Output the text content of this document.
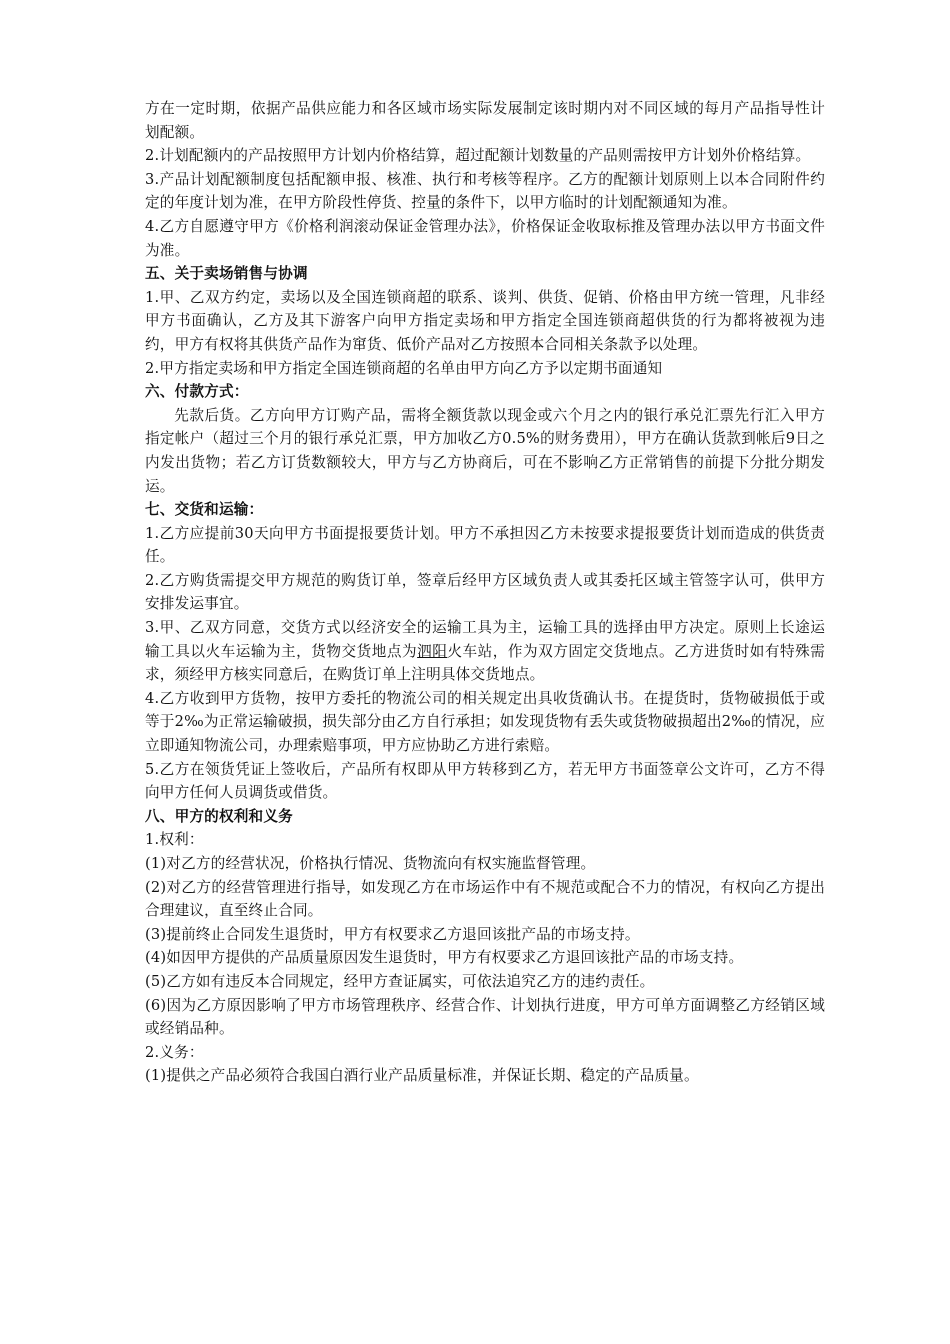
方在一定时期，依据产品供应能力和各区域市场实际发展制定该时期内对不同区域的每月产品指导性计划配额。

2.计划配额内的产品按照甲方计划内价格结算，超过配额计划数量的产品则需按甲方计划外价格结算。

3.产品计划配额制度包括配额申报、核准、执行和考核等程序。乙方的配额计划原则上以本合同附件约定的年度计划为准，在甲方阶段性停货、控量的条件下，以甲方临时的计划配额通知为准。

4.乙方自愿遵守甲方《价格利润滚动保证金管理办法》，价格保证金收取标推及管理办法以甲方书面文件为准。

五、关于卖场销售与协调

1.甲、乙双方约定，卖场以及全国连锁商超的联系、谈判、供货、促销、价格由甲方统一管理，凡非经甲方书面确认，乙方及其下游客户向甲方指定卖场和甲方指定全国连锁商超供货的行为都将被视为违约，甲方有权将其供货产品作为窜货、低价产品对乙方按照本合同相关条款予以处理。

2.甲方指定卖场和甲方指定全国连锁商超的名单由甲方向乙方予以定期书面通知

六、付款方式：

先款后货。乙方向甲方订购产品，需将全额货款以现金或六个月之内的银行承兑汇票先行汇入甲方指定帐户（超过三个月的银行承兑汇票，甲方加收乙方0.5%的财务费用），甲方在确认货款到帐后9日之内发出货物；若乙方订货数额较大，甲方与乙方协商后，可在不影响乙方正常销售的前提下分批分期发运。

七、交货和运输：

1.乙方应提前30天向甲方书面提报要货计划。甲方不承担因乙方未按要求提报要货计划而造成的供货责任。

2.乙方购货需提交甲方规范的购货订单，签章后经甲方区域负责人或其委托区域主管签字认可，供甲方安排发运事宜。

3.甲、乙双方同意，交货方式以经济安全的运输工具为主，运输工具的选择由甲方决定。原则上长途运输工具以火车运输为主，货物交货地点为泗阳火车站，作为双方固定交货地点。乙方进货时如有特殊需求，须经甲方核实同意后，在购货订单上注明具体交货地点。

4.乙方收到甲方货物，按甲方委托的物流公司的相关规定出具收货确认书。在提货时，货物破损低于或等于2‰为正常运输破损，损失部分由乙方自行承担；如发现货物有丢失或货物破损超出2‰的情况，应立即通知物流公司，办理索赔事项，甲方应协助乙方进行索赔。

5.乙方在领货凭证上签收后，产品所有权即从甲方转移到乙方，若无甲方书面签章公文许可，乙方不得向甲方任何人员调货或借货。

八、甲方的权利和义务

1.权利：

(1)对乙方的经营状况，价格执行情况、货物流向有权实施监督管理。

(2)对乙方的经营管理进行指导，如发现乙方在市场运作中有不规范或配合不力的情况，有权向乙方提出合理建议，直至终止合同。

(3)提前终止合同发生退货时，甲方有权要求乙方退回该批产品的市场支持。

(4)如因甲方提供的产品质量原因发生退货时，甲方有权要求乙方退回该批产品的市场支持。

(5)乙方如有违反本合同规定，经甲方查证属实，可依法追究乙方的违约责任。

(6)因为乙方原因影响了甲方市场管理秩序、经营合作、计划执行进度，甲方可单方面调整乙方经销区域或经销品种。

2.义务：

(1)提供之产品必须符合我国白酒行业产品质量标准，并保证长期、稳定的产品质量。
